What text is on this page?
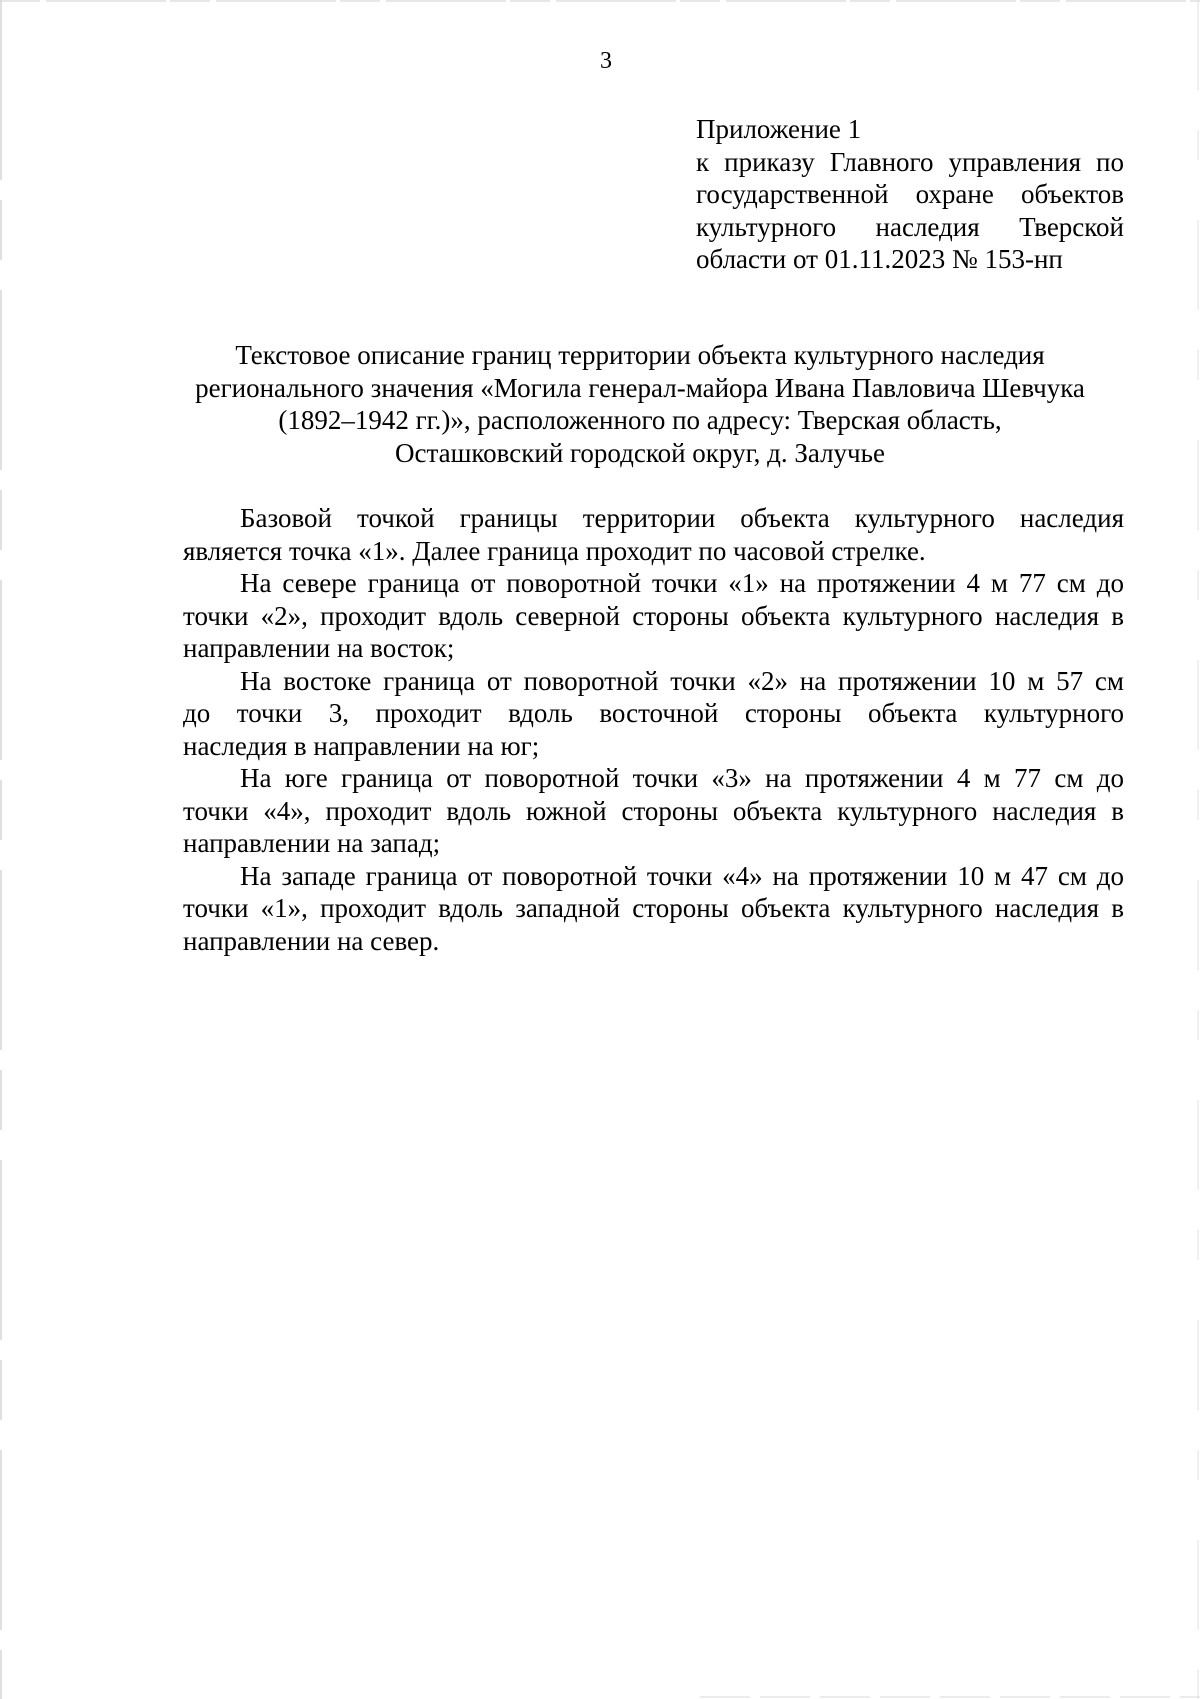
3
Приложение 1
к приказу Главного управления по
государственной охране объектов
культурного наследия Тверской
области от 01.11.2023 № 153-нп
Текстовое описание границ территории объекта культурного наследия
регионального значения «Могила генерал-майора Ивана Павловича Шевчука
(1892–1942 гг.)», расположенного по адресу: Тверская область,
Осташковский городской округ, д. Залучье
Базовой точкой границы территории объекта культурного наследия
является точка «1». Далее граница проходит по часовой стрелке.
На севере граница от поворотной точки «1» на протяжении 4 м 77 см до
точки «2», проходит вдоль северной стороны объекта культурного наследия в
направлении на восток;
На востоке граница от поворотной точки «2» на протяжении 10 м 57 см
до точки 3, проходит вдоль восточной стороны объекта культурного
наследия в направлении на юг;
На юге граница от поворотной точки «3» на протяжении 4 м 77 см до
точки «4», проходит вдоль южной стороны объекта культурного наследия в
направлении на запад;
На западе граница от поворотной точки «4» на протяжении 10 м 47 см до
точки «1», проходит вдоль западной стороны объекта культурного наследия в
направлении на север.
